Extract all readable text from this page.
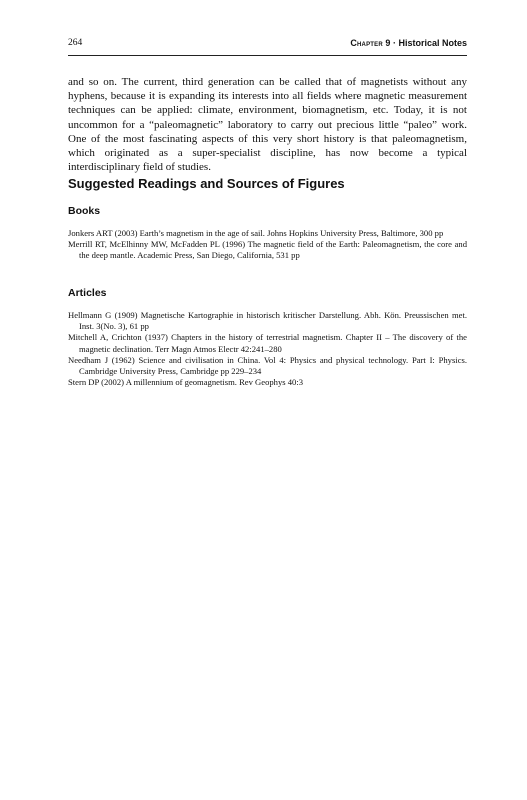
264	Chapter 9 · Historical Notes

and so on. The current, third generation can be called that of magnetists without any hyphens, because it is expanding its interests into all fields where magnetic measurement techniques can be applied: climate, environment, biomagnetism, etc. Today, it is not uncommon for a “paleomagnetic” laboratory to carry out precious little “paleo” work. One of the most fascinating aspects of this very short history is that paleomagnetism, which originated as a super-specialist discipline, has now become a typical interdisciplinary field of studies.

Suggested Readings and Sources of Figures
Books
Jonkers ART (2003) Earth’s magnetism in the age of sail. Johns Hopkins University Press, Baltimore, 300 pp
Merrill RT, McElhinny MW, McFadden PL (1996) The magnetic field of the Earth: Paleomagnetism, the core and the deep mantle. Academic Press, San Diego, California, 531 pp
Articles
Hellmann G (1909) Magnetische Kartographie in historisch kritischer Darstellung. Abh. Kön. Preussischen met. Inst. 3(No. 3), 61 pp
Mitchell A, Crichton (1937) Chapters in the history of terrestrial magnetism. Chapter II – The discovery of the magnetic declination. Terr Magn Atmos Electr 42:241–280
Needham J (1962) Science and civilisation in China. Vol 4: Physics and physical technology. Part I: Physics. Cambridge University Press, Cambridge pp 229–234
Stern DP (2002) A millennium of geomagnetism. Rev Geophys 40:3
